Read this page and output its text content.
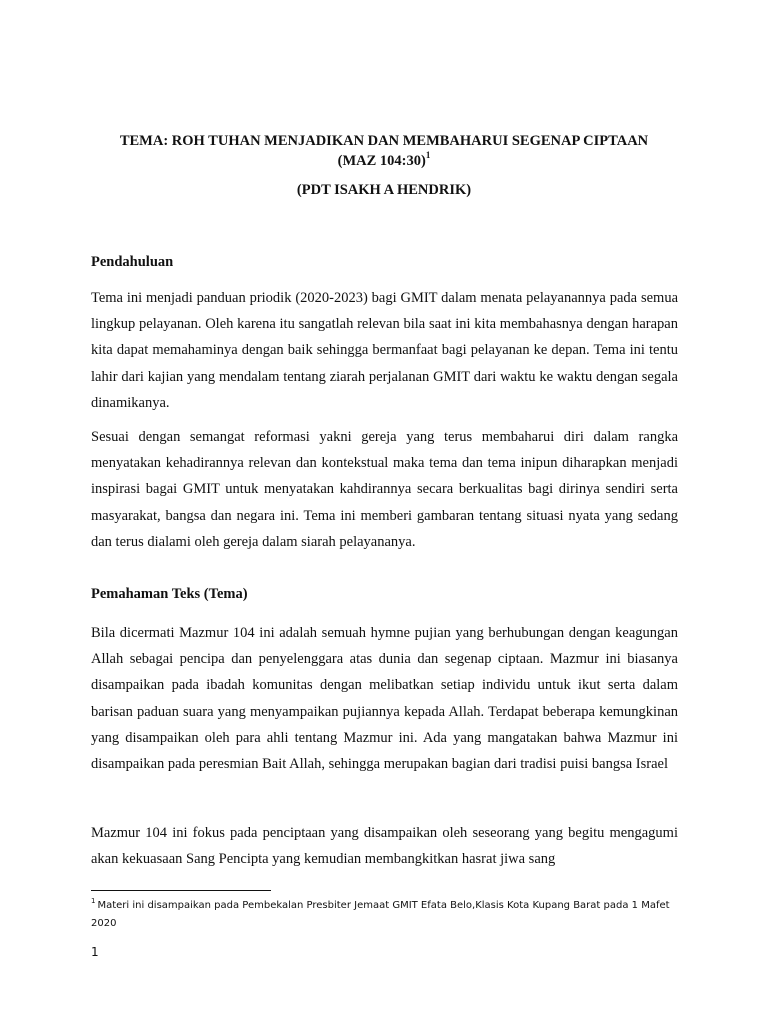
TEMA: ROH TUHAN MENJADIKAN DAN MEMBAHARUI SEGENAP CIPTAAN
(MAZ 104:30)$^1$
(PDT ISAKH A HENDRIK)
Pendahuluan

Tema ini menjadi panduan priodik (2020-2023) bagi GMIT dalam menata pelayanannya pada semua lingkup pelayanan. Oleh karena itu sangatlah relevan bila saat ini kita membahasnya dengan harapan kita dapat memahaminya dengan baik sehingga bermanfaat bagi pelayanan ke depan. Tema ini tentu lahir dari kajian yang mendalam tentang ziarah perjalanan GMIT dari waktu ke waktu dengan segala dinamikanya.

Sesuai dengan semangat reformasi yakni gereja yang terus membaharui diri dalam rangka menyatakan kehadirannya relevan dan kontekstual maka tema dan tema inipun diharapkan menjadi inspirasi bagai GMIT untuk menyatakan kahdirannya secara berkualitas bagi dirinya sendiri serta masyarakat, bangsa dan negara ini. Tema ini memberi gambaran tentang situasi nyata yang sedang dan terus dialami oleh gereja dalam siarah pelayananya.

Pemahaman Teks (Tema)

Bila dicermati Mazmur 104 ini adalah semuah hymne pujian yang berhubungan dengan keagungan Allah sebagai pencipa dan penyelenggara atas dunia dan segenap ciptaan. Mazmur ini biasanya disampaikan pada ibadah komunitas dengan melibatkan setiap individu untuk ikut serta dalam barisan paduan suara yang menyampaikan pujiannya kepada Allah. Terdapat beberapa kemungkinan yang disampaikan oleh para ahli tentang Mazmur ini. Ada yang mangatakan bahwa Mazmur ini disampaikan pada peresmian Bait Allah, sehingga merupakan bagian dari tradisi puisi bangsa Israel

Mazmur 104 ini fokus pada penciptaan yang disampaikan oleh seseorang yang begitu mengagumi akan kekuasaan Sang Pencipta yang kemudian membangkitkan hasrat jiwa sang

$^1$ Materi ini disampaikan pada Pembekalan Presbiter Jemaat GMIT Efata Belo,Klasis Kota Kupang Barat pada 1 Mafet 2020

1
